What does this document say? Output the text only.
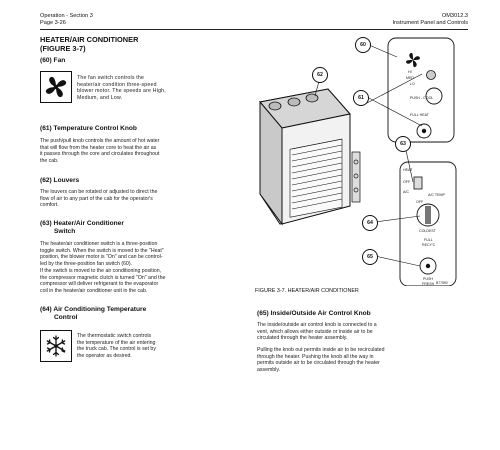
Operation - Section 3
Page 3-26
OM3012.3
Instrument Panel and Controls
HEATER/AIR CONDITIONER
(FIGURE 3-7)
(60) Fan
The fan switch controls the
heater/air condition three-speed
blower motor. The speeds are High,
Medium, and Low.
(61) Temperature Control Knob
The push/pull knob controls the amount of hot water
that will flow from the heater core to heat the air as
it passes through the core and circulates throughout
the cab.
(62) Louvers
The louvers can be rotated or adjusted to direct the
flow of air to any part of the cab for the operator's
comfort.
(63) Heater/Air Conditioner
Switch
The heater/air conditioner switch is a three-position
toggle switch. When the switch is moved to the "Heat"
position, the blower motor is "On" and can be control-
led by the three-position fan switch (60).
If the switch is moved to the air conditioning position,
the compressor magnetic clutch is turned "On" and the
compressor will deliver refrigerant to the evaporator
coil in the heater/air conditioner unit in the cab.
(64) Air Conditioning Temperature
Control
The thermostatic switch controls
the temperature of the air entering
the truck cab. The control is set by
the operator as desired.
HI
MED
LO
PUSH - COOL
FULL HEAT
HEAT
OFF
A/C
A/C TEMP
OFF
COLDEST
FULL
RECY'C
PUSH
FRESH B77590
60
62
61
63
64
65
FIGURE 3-7. HEATER/AIR CONDITIONER
(65) Inside/Outside Air Control Knob
The inside/outside air control knob is connected to a
vent, which allows either outside or inside air to be
circulated through the heater assembly.
Pulling the knob out permits inside air to be recirculated
through the heater. Pushing the knob all the way in
permits outside air to be circulated through the heater
assembly.
